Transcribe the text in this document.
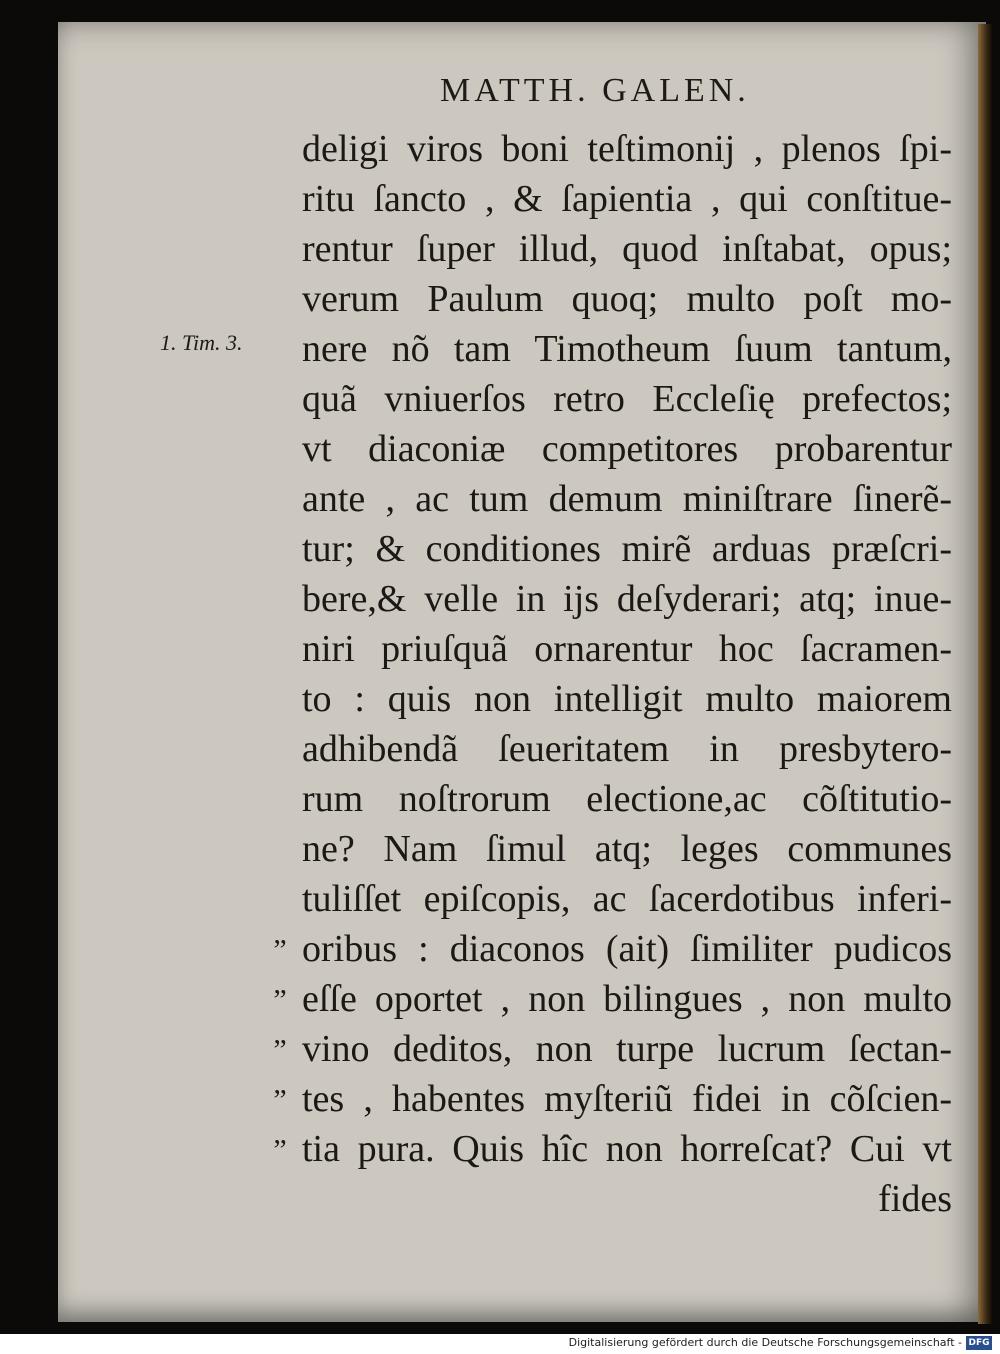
MATTH. GALEN.
1. Tim. 3.
deligi viros boni teſtimonij , plenos ſpi-
ritu ſancto , & ſapientia , qui conſtitue-
rentur ſuper illud, quod inſtabat, opus;
verum Paulum quoq; multo poſt mo-
nere nõ tam Timotheum ſuum tantum,
quã vniuerſos retro Eccleſię prefectos;
vt diaconiæ competitores probarentur
ante , ac tum demum miniſtrare ſinerẽ-
tur; & conditiones mirẽ arduas præſcri-
bere,& velle in ijs deſyderari; atq; inue-
niri priuſquã ornarentur hoc ſacramen-
to : quis non intelligit multo maiorem
adhibendã ſeueritatem in presbytero-
rum noſtrorum electione,ac cõſtitutio-
ne? Nam ſimul atq; leges communes
tuliſſet epiſcopis, ac ſacerdotibus inferi-
oribus : diaconos (ait) ſimiliter pudicos
eſſe oportet , non bilingues , non multo
vino deditos, non turpe lucrum ſectan-
tes , habentes myſteriũ fidei in cõſcien-
tia pura. Quis hîc non horreſcat? Cui vt
fides
„
„
„
„
„
Digitalisierung gefördert durch die Deutsche Forschungsgemeinschaft - DFG
